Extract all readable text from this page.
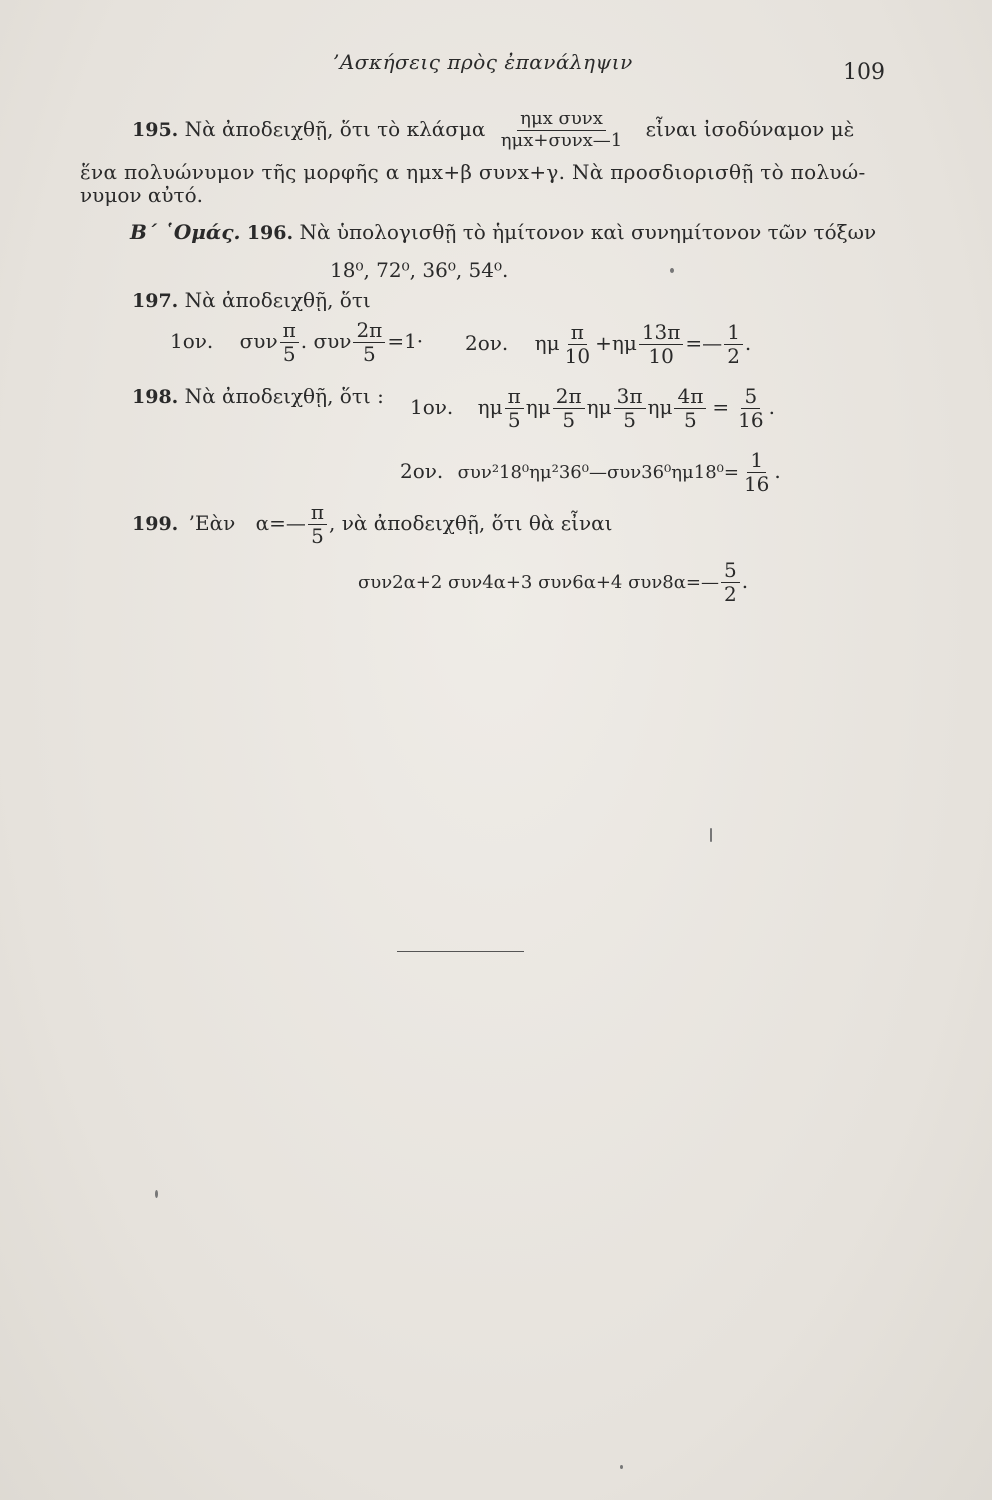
’Ασκήσεις πρὸς ἐπανάληψιν	109
195. Νὰ ἀποδειχθῇ, ὅτι τὸ κλάσμα $\frac{\text{ημx συνx}}{\text{ημx+συνx—1}}$ εἶναι ἰσοδύναμον μὲ
ἕνα πολυώνυμον τῆς μορφῆς α ημx+β συνx+γ. Νὰ προσδιορισθῇ τὸ πολυώ-
νυμον αὐτό.
Β΄ ῾Ομάς. 196. Νὰ ὑπολογισθῇ τὸ ἡμίτονον καὶ συνημίτονον τῶν τόξων
18⁰, 72⁰, 36⁰, 54⁰.
197. Νὰ ἀποδειχθῇ, ὅτι
1ον. συν $\frac{\pi}{5}$ . συν $\frac{2\pi}{5} =1\cdot 2o\nu$. ημ $\frac{\pi}{10} +\eta\mu \frac{13\pi}{10}$ =— $\frac{1}{2}$ .
198. Νὰ ἀποδειχθῇ, ὅτι : 1ον. ημ $\frac{\pi}{5}$ ημ $\frac{2\pi}{5}$ ημ $\frac{3\pi}{5}$ ημ $\frac{4\pi}{5} = \frac{5}{16}$ .
2ον. συν²18⁰ημ²36⁰—συν36⁰ημ18⁰= $\frac{1}{16}$ .
199. ’Εὰν α=— $\frac{\pi}{5}$ , νὰ ἀποδειχθῇ, ὅτι θὰ εἶναι
συν2α+2 συν4α+3 συν6α+4 συν8α=— $\frac{5}{2}$ .
